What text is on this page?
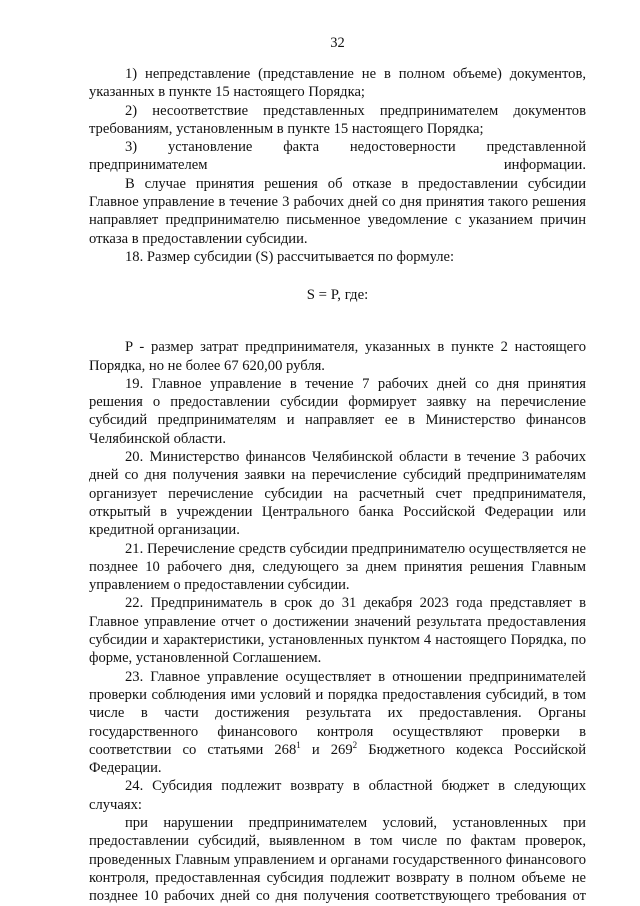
32

1) непредставление (представление не в полном объеме) документов, указанных в пункте 15 настоящего Порядка;

2) несоответствие представленных предпринимателем документов требованиям, установленным в пункте 15 настоящего Порядка;

3) установление факта недостоверности представленной предпринимателем информации.

В случае принятия решения об отказе в предоставлении субсидии Главное управление в течение 3 рабочих дней со дня принятия такого решения направляет предпринимателю письменное уведомление с указанием причин отказа в предоставлении субсидии.

18. Размер субсидии (S) рассчитывается по формуле:

S = P, где:

P - размер затрат предпринимателя, указанных в пункте 2 настоящего Порядка, но не более 67 620,00 рубля.

19. Главное управление в течение 7 рабочих дней со дня принятия решения о предоставлении субсидии формирует заявку на перечисление субсидий предпринимателям и направляет ее в Министерство финансов Челябинской области.

20. Министерство финансов Челябинской области в течение 3 рабочих дней со дня получения заявки на перечисление субсидий предпринимателям организует перечисление субсидии на расчетный счет предпринимателя, открытый в учреждении Центрального банка Российской Федерации или кредитной организации.

21. Перечисление средств субсидии предпринимателю осуществляется не позднее 10 рабочего дня, следующего за днем принятия решения Главным управлением о предоставлении субсидии.

22. Предприниматель в срок до 31 декабря 2023 года представляет в Главное управление отчет о достижении значений результата предоставления субсидии и характеристики, установленных пунктом 4 настоящего Порядка, по форме, установленной Соглашением.

23. Главное управление осуществляет в отношении предпринимателей проверки соблюдения ими условий и порядка предоставления субсидий, в том числе в части достижения результата их предоставления. Органы государственного финансового контроля осуществляют проверки в соответствии со статьями $268^1$ и $269^2$ Бюджетного кодекса Российской Федерации.

24. Субсидия подлежит возврату в областной бюджет в следующих случаях:

при нарушении предпринимателем условий, установленных при предоставлении субсидий, выявленном в том числе по фактам проверок, проведенных Главным управлением и органами государственного финансового контроля, предоставленная субсидия подлежит возврату в полном объеме не позднее 10 рабочих дней со дня получения соответствующего требования от
